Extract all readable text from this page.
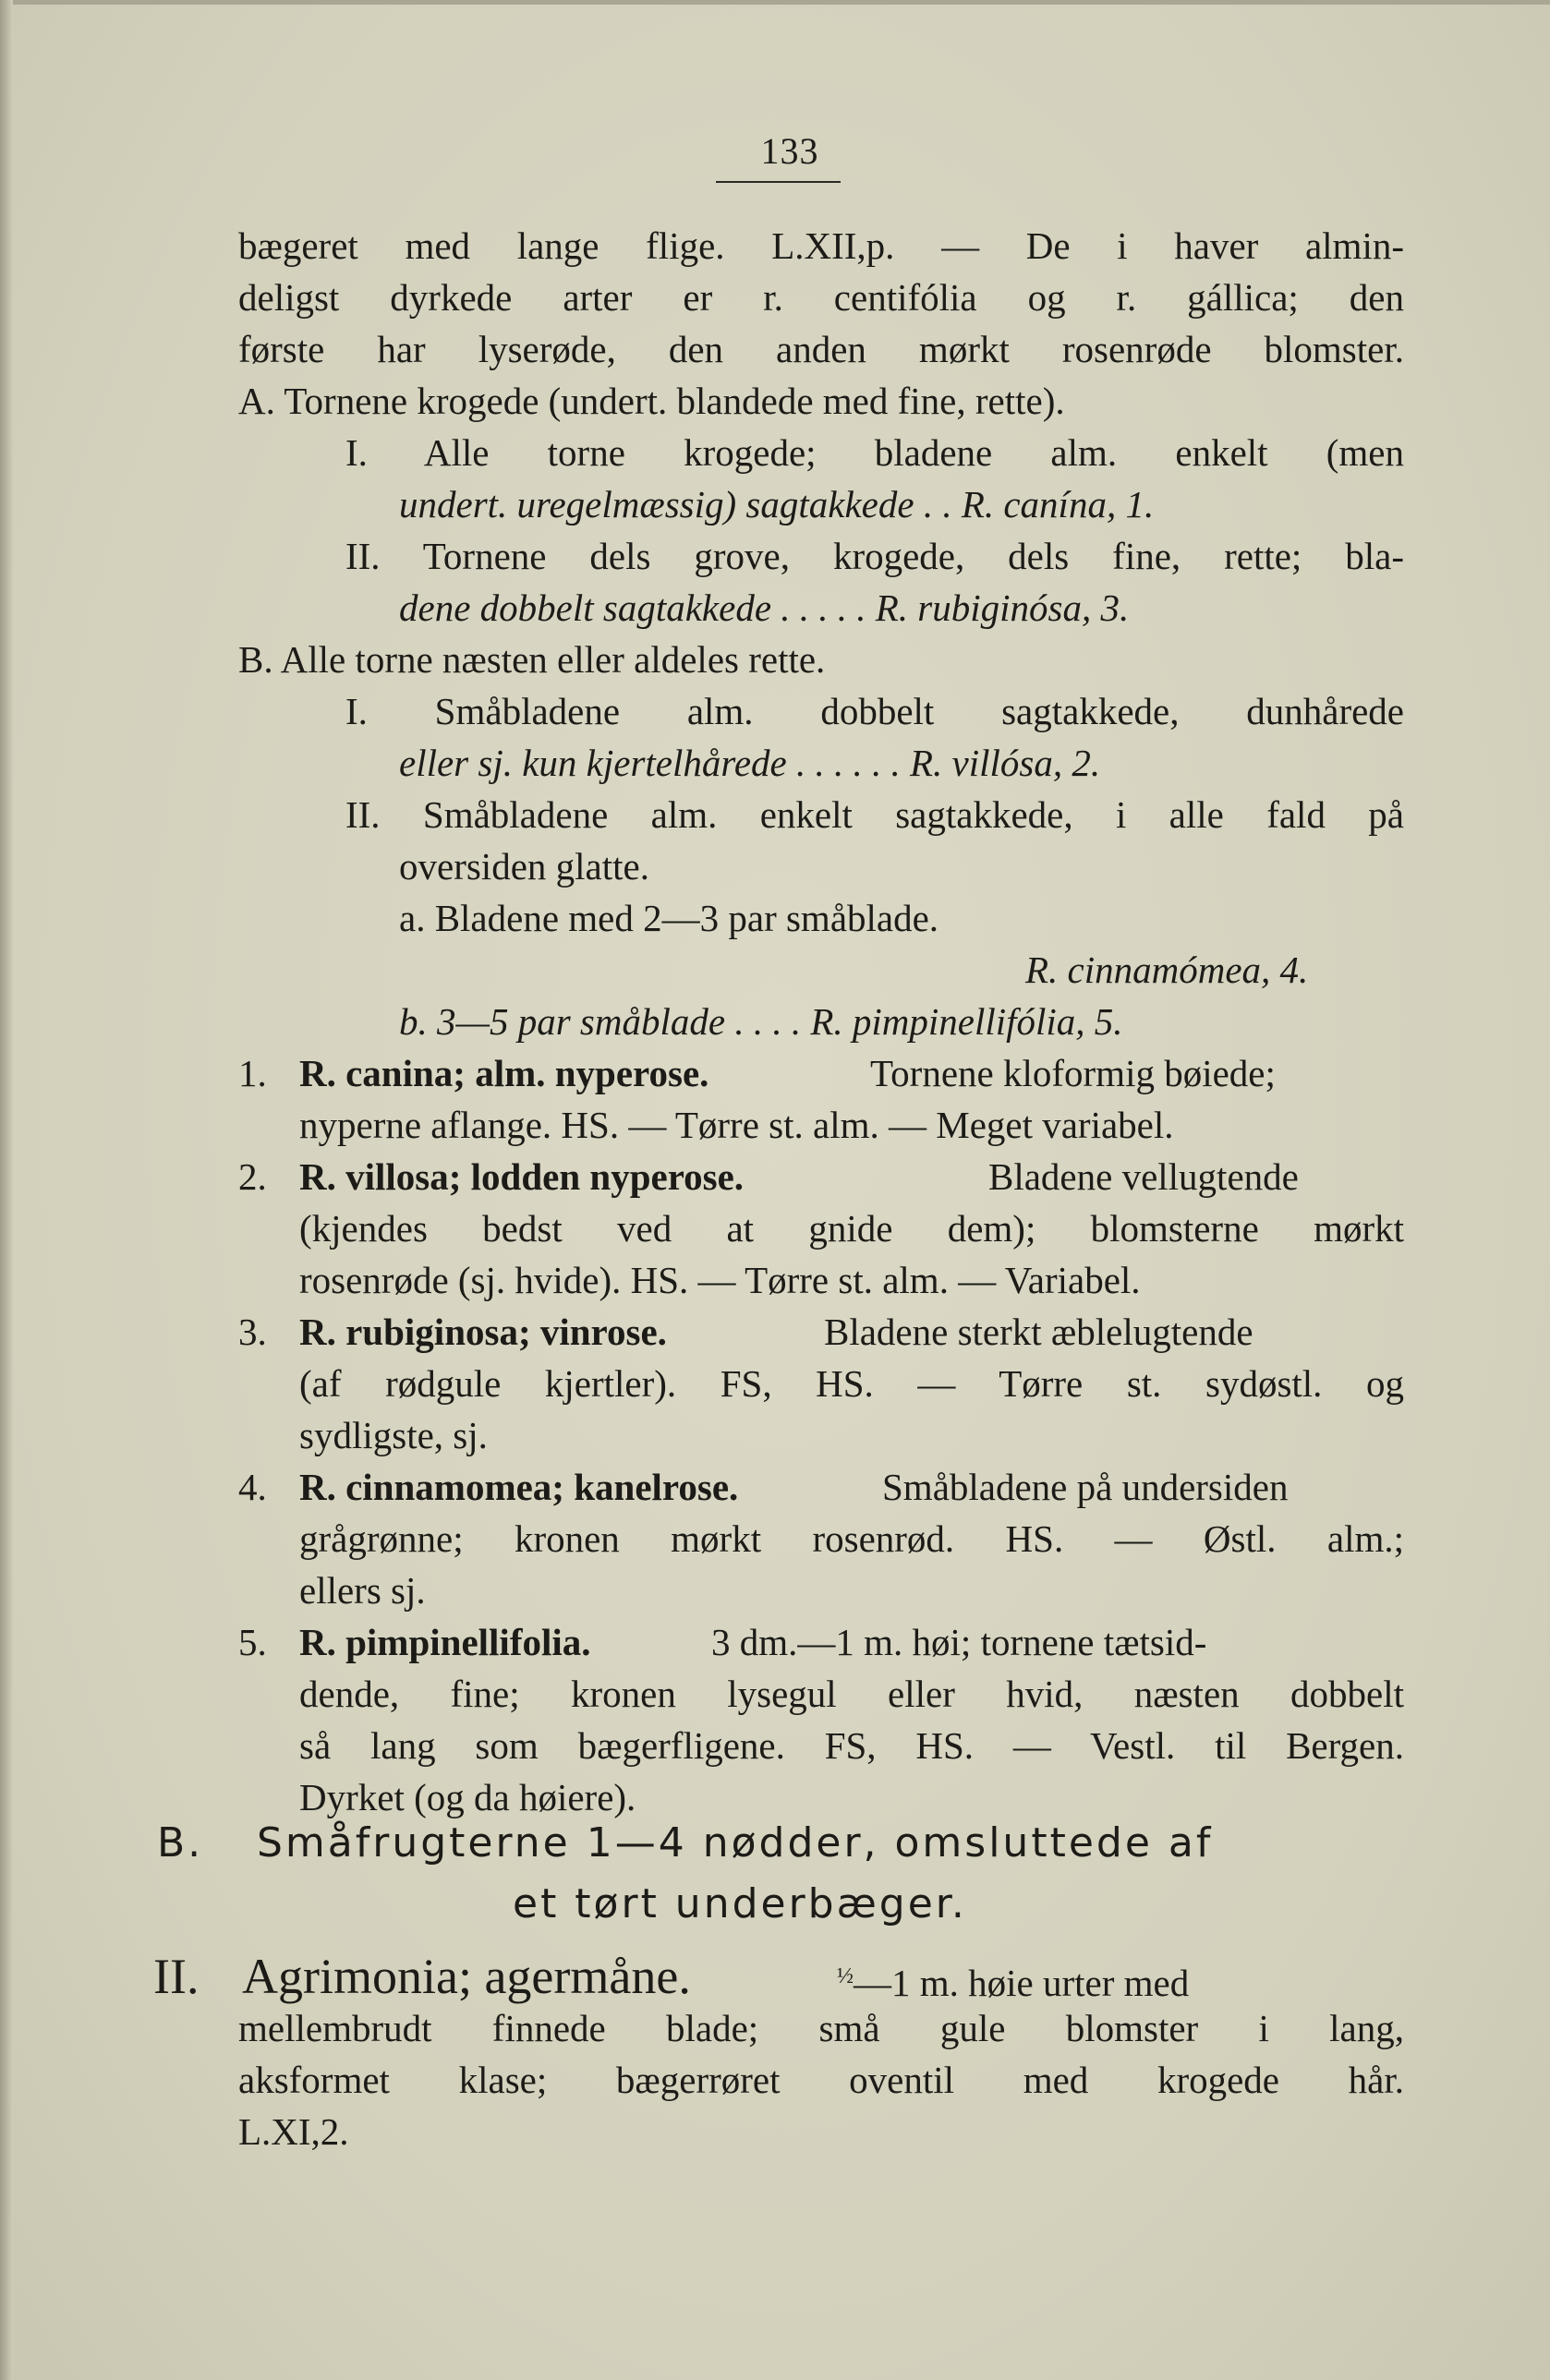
133
bægeret med lange flige. L.XII,p. — De i haver almin-
deligst dyrkede arter er r. centifólia og r. gállica; den
første har lyserøde, den anden mørkt rosenrøde blomster.
A. Tornene krogede (undert. blandede med fine, rette).
I. Alle torne krogede; bladene alm. enkelt (men
undert. uregelmæssig) sagtakkede . . R. canína, 1.
II. Tornene dels grove, krogede, dels fine, rette; bla-
dene dobbelt sagtakkede . . . . . R. rubiginósa, 3.
B. Alle torne næsten eller aldeles rette.
I. Småbladene alm. dobbelt sagtakkede, dunhårede
eller sj. kun kjertelhårede . . . . . . R. villósa, 2.
II. Småbladene alm. enkelt sagtakkede, i alle fald på
oversiden glatte.
a. Bladene med 2—3 par småblade.
R. cinnamómea, 4.
b. 3—5 par småblade . . . . R. pimpinellifólia, 5.
1. R. canina; alm. nyperose.	Tornene kloformig bøiede;
nyperne aflange. HS. — Tørre st. alm. — Meget variabel.
2. R. villosa; lodden nyperose.	Bladene vellugtende
(kjendes bedst ved at gnide dem); blomsterne mørkt
rosenrøde (sj. hvide). HS. — Tørre st. alm. — Variabel.
3. R. rubiginosa; vinrose.	Bladene sterkt æblelugtende
(af rødgule kjertler). FS, HS. — Tørre st. sydøstl. og
sydligste, sj.
4. R. cinnamomea; kanelrose.	Småbladene på undersiden
grågrønne; kronen mørkt rosenrød. HS. — Østl. alm.;
ellers sj.
5. R. pimpinellifolia.	3 dm.—1 m. høi; tornene tætsid-
dende, fine; kronen lysegul eller hvid, næsten dobbelt
så lang som bægerfligene. FS, HS. — Vestl. til Bergen.
Dyrket (og da høiere).
B. Småfrugterne 1—4 nødder, omsluttede af
et tørt underbæger.
II. Agrimonia; agermåne.	$^{\frac{1}{2}}$—1 m. høie urter med
mellembrudt finnede blade; små gule blomster i lang,
aksformet klase; bægerrøret oventil med krogede hår.
L.XI,2.
